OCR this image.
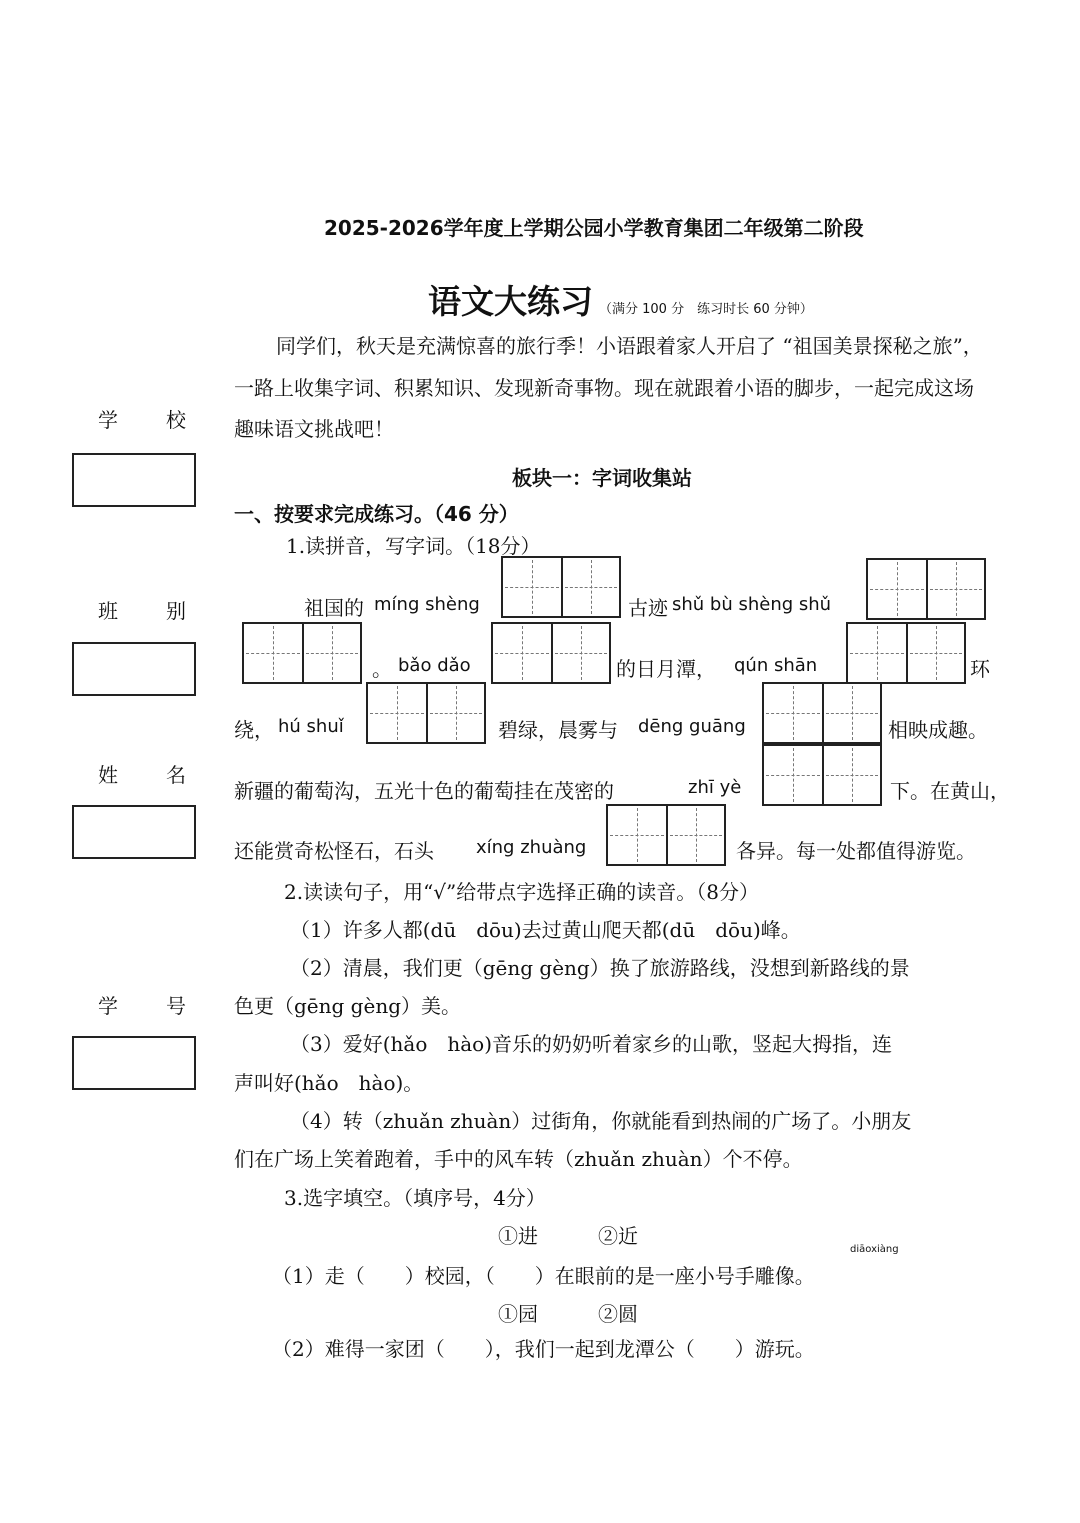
2025-2026学年度上学期公园小学教育集团二年级第二阶段
语文大练习 （满分 100 分　练习时长 60 分钟）
学　校
班　别
姓　名
学　号
同学们，秋天是充满惊喜的旅行季！小语跟着家人开启了 “祖国美景探秘之旅”，
一路上收集字词、积累知识、发现新奇事物。现在就跟着小语的脚步，一起完成这场
趣味语文挑战吧！
板块一：字词收集站
一、按要求完成练习。（46 分）
1.读拼音，写字词。（18分）
祖国的 míng shèng	古迹 shǔ bù shèng shǔ
。 bǎo dǎo	的日月潭， qún shān	环
绕， hú shuǐ	碧绿，晨雾与 dēng guāng	相映成趣。
新疆的葡萄沟，五光十色的葡萄挂在茂密的	zhī yè	下。在黄山，
还能赏奇松怪石，石头 xíng zhuàng	各异。每一处都值得游览。
2.读读句子，用“√”给带点字选择正确的读音。（8分）
（1）许多人都(dū　dōu)去过黄山爬天都(dū　dōu)峰。
（2）清晨，我们更（gēng gèng）换了旅游路线，没想到新路线的景
色更（gēng gèng）美。
（3）爱好(hǎo　hào)音乐的奶奶听着家乡的山歌，竖起大拇指，连
声叫好(hǎo　hào)。
（4）转（zhuǎn zhuàn）过街角，你就能看到热闹的广场了。小朋友
们在广场上笑着跑着，手中的风车转（zhuǎn zhuàn）个不停。
3.选字填空。（填序号，4分）
①进　　　②近
diāoxiàng
（1）走（　　）校园，（　　）在眼前的是一座小号手雕像。
①园　　　②圆
（2）难得一家团（　　），我们一起到龙潭公（　　）游玩。
